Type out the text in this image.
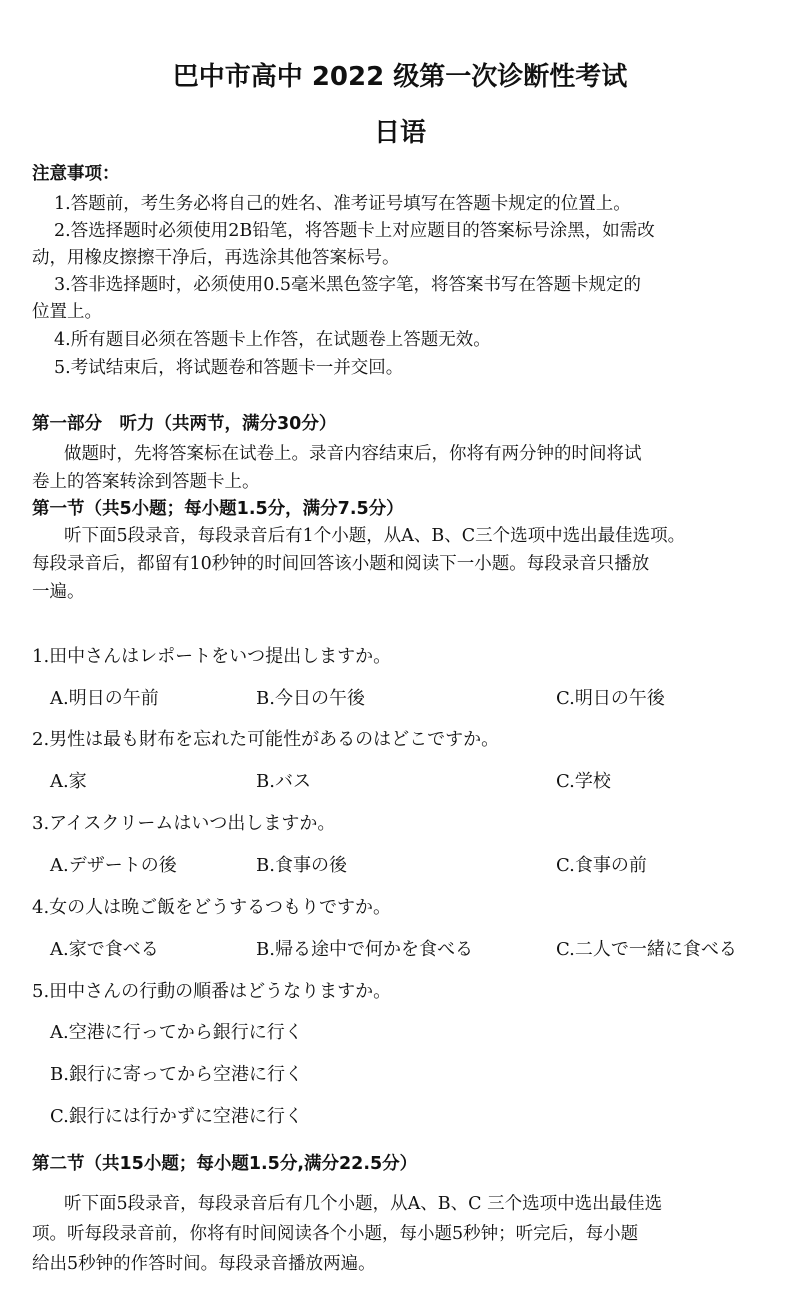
巴中市高中 2022 级第一次诊断性考试
日语
注意事项：
1.答题前，考生务必将自己的姓名、准考证号填写在答题卡规定的位置上。
2.答选择题时必须使用2B铅笔，将答题卡上对应题目的答案标号涂黑，如需改
动，用橡皮擦擦干净后，再选涂其他答案标号。
3.答非选择题时，必须使用0.5毫米黑色签字笔，将答案书写在答题卡规定的
位置上。
4.所有题目必须在答题卡上作答，在试题卷上答题无效。
5.考试结束后，将试题卷和答题卡一并交回。
第一部分　听力（共两节，满分30分）
做题时，先将答案标在试卷上。录音内容结束后，你将有两分钟的时间将试
卷上的答案转涂到答题卡上。
第一节（共5小题；每小题1.5分，满分7.5分）
听下面5段录音，每段录音后有1个小题，从A、B、C三个选项中选出最佳选项。
每段录音后，都留有10秒钟的时间回答该小题和阅读下一小题。每段录音只播放
一遍。
1.田中さんはレポートをいつ提出しますか。
A.明日の午前	B.今日の午後	C.明日の午後
2.男性は最も財布を忘れた可能性があるのはどこですか。
A.家	B.バス	C.学校
3.アイスクリームはいつ出しますか。
A.デザートの後	B.食事の後	C.食事の前
4.女の人は晩ご飯をどうするつもりですか。
A.家で食べる	B.帰る途中で何かを食べる	C.二人で一緒に食べる
5.田中さんの行動の順番はどうなりますか。
A.空港に行ってから銀行に行く
B.銀行に寄ってから空港に行く
C.銀行には行かずに空港に行く
第二节（共15小题；每小题1.5分,满分22.5分）
听下面5段录音，每段录音后有几个小题，从A、B、C 三个选项中选出最佳选
项。听每段录音前，你将有时间阅读各个小题，每小题5秒钟；听完后，每小题
给出5秒钟的作答时间。每段录音播放两遍。
